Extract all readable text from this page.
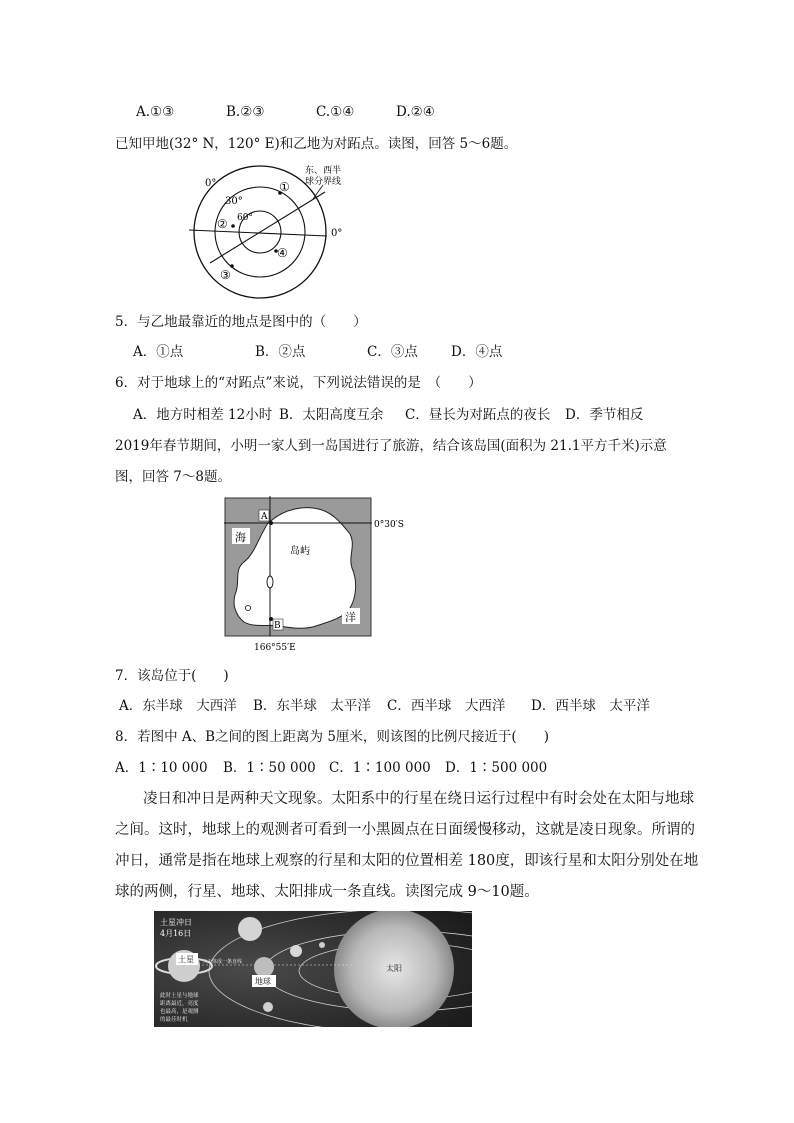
A.①③	B.②③	C.①④	D.②④
已知甲地(32° N，120° E)和乙地为对跖点。读图，回答 5～6题。
0°
30°
60°
0°
东、西半
球分界线
①
②
③
④
5．与乙地最靠近的地点是图中的（　　）
A．①点	B．②点	C．③点 D．④点
6．对于地球上的“对跖点”来说，下列说法错误的是　（　　）
A．地方时相差 12小时 B．太阳高度互余 C．昼长为对跖点的夜长 D．季节相反
2019年春节期间，小明一家人到一岛国进行了旅游，结合该岛国(面积为 21.1平方千米)示意
图，回答 7～8题。
A
B
海
洋
岛屿
0°30′S
166°55′E
7．该岛位于(　　)
A．东半球　大西洋 B．东半球　太平洋 C．西半球　大西洋 D．西半球　太平洋
8．若图中 A、B之间的图上距离为 5厘米，则该图的比例尺接近于(　　)
A．1∶10 000 B．1∶50 000 C．1∶100 000 D．1∶500 000
凌日和冲日是两种天文现象。太阳系中的行星在绕日运行过程中有时会处在太阳与地球
之间。这时，地球上的观测者可看到一小黑圆点在日面缓慢移动，这就是凌日现象。所谓的
冲日，通常是指在地球上观察的行星和太阳的位置相差 180度，即该行星和太阳分别处在地
球的两侧，行星、地球、太阳排成一条直线。读图完成 9～10题。
土星冲日
4月16日
土星
地球
太阳
三天体成一条直线
此时土星与地球
距离最近，亮度
也最高，是观测
的最佳时机
